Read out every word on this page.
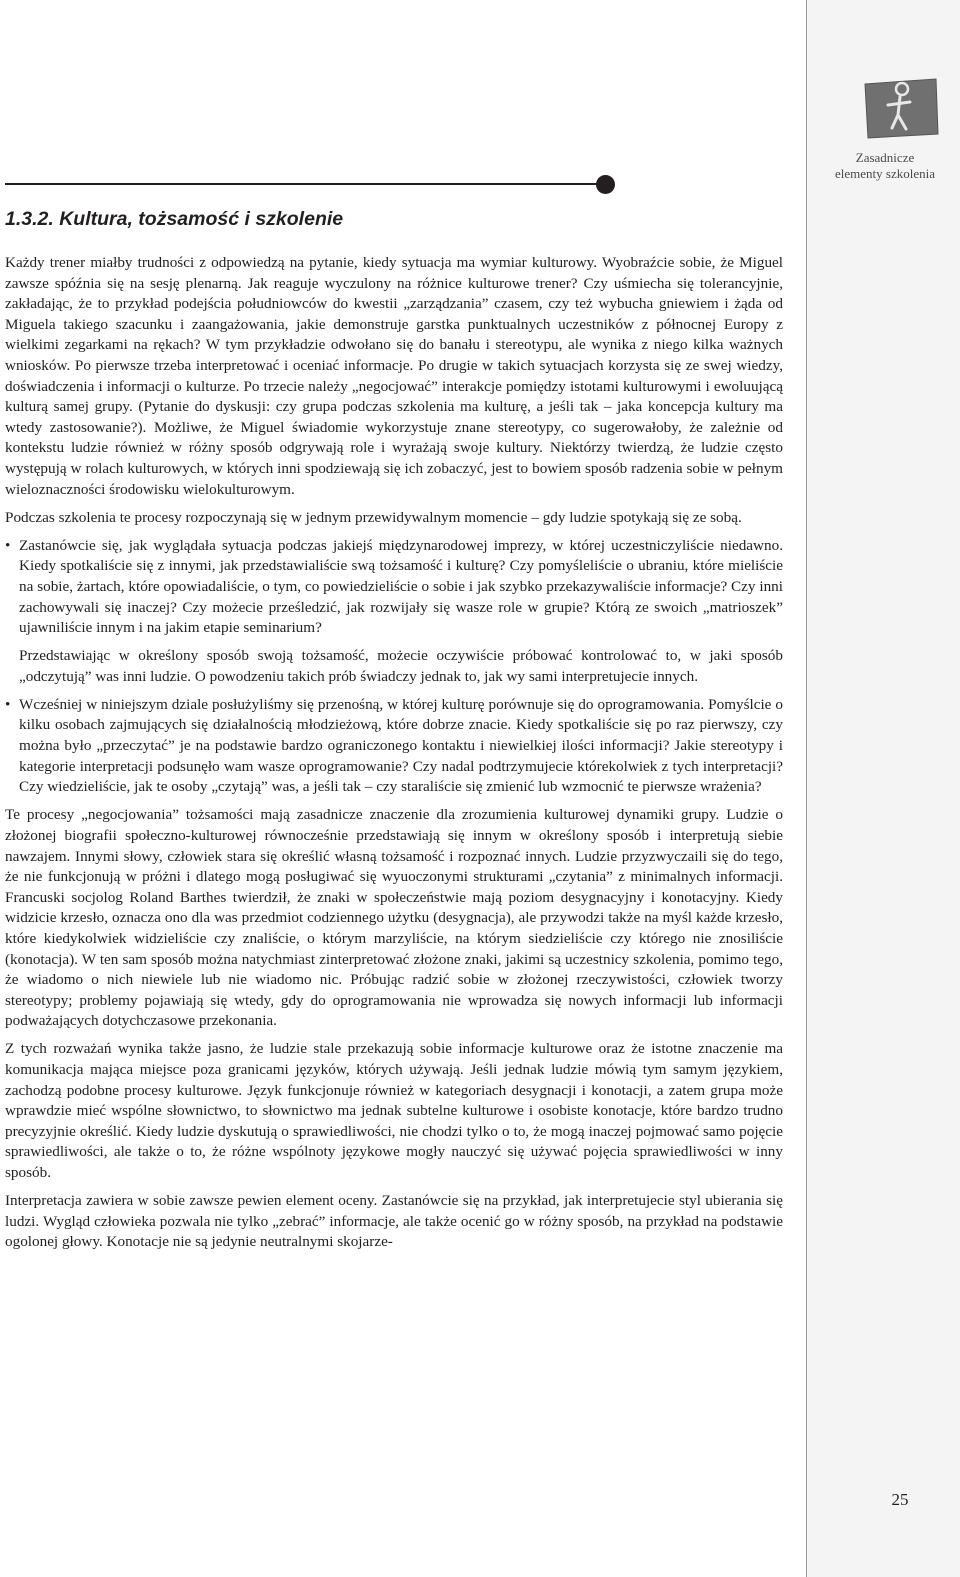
Zasadnicze
elementy szkolenia
1.3.2. Kultura, tożsamość i szkolenie

Każdy trener miałby trudności z odpowiedzą na pytanie, kiedy sytuacja ma wymiar kulturowy. Wyobraźcie sobie, że Miguel zawsze spóźnia się na sesję plenarną. Jak reaguje wyczulony na różnice kulturowe trener? Czy uśmiecha się tolerancyjnie, zakładając, że to przykład podejścia południowców do kwestii „zarządzania” czasem, czy też wybucha gniewiem i żąda od Miguela takiego szacunku i zaangażowania, jakie demonstruje garstka punktualnych uczestników z północnej Europy z wielkimi zegarkami na rękach? W tym przykładzie odwołano się do banału i stereotypu, ale wynika z niego kilka ważnych wniosków. Po pierwsze trzeba interpretować i oceniać informacje. Po drugie w takich sytuacjach korzysta się ze swej wiedzy, doświadczenia i informacji o kulturze. Po trzecie należy „negocjować” interakcje pomiędzy istotami kulturowymi i ewoluującą kulturą samej grupy. (Pytanie do dyskusji: czy grupa podczas szkolenia ma kulturę, a jeśli tak – jaka koncepcja kultury ma wtedy zastosowanie?). Możliwe, że Miguel świadomie wykorzystuje znane stereotypy, co sugerowałoby, że zależnie od kontekstu ludzie również w różny sposób odgrywają role i wyrażają swoje kultury. Niektórzy twierdzą, że ludzie często występują w rolach kulturowych, w których inni spodziewają się ich zobaczyć, jest to bowiem sposób radzenia sobie w pełnym wieloznaczności środowisku wielokulturowym.

Podczas szkolenia te procesy rozpoczynają się w jednym przewidywalnym momencie – gdy ludzie spotykają się ze sobą.

• Zastanówcie się, jak wyglądała sytuacja podczas jakiejś międzynarodowej imprezy, w której uczestniczyliście niedawno. Kiedy spotkaliście się z innymi, jak przedstawialiście swą tożsamość i kulturę? Czy pomyśleliście o ubraniu, które mieliście na sobie, żartach, które opowiadaliście, o tym, co powiedzieliście o sobie i jak szybko przekazywaliście informacje? Czy inni zachowywali się inaczej? Czy możecie prześledzić, jak rozwijały się wasze role w grupie? Którą ze swoich „matrioszek” ujawniliście innym i na jakim etapie seminarium?

Przedstawiając w określony sposób swoją tożsamość, możecie oczywiście próbować kontrolować to, w jaki sposób „odczytują” was inni ludzie. O powodzeniu takich prób świadczy jednak to, jak wy sami interpretujecie innych.

• Wcześniej w niniejszym dziale posłużyliśmy się przenośną, w której kulturę porównuje się do oprogramowania. Pomyślcie o kilku osobach zajmujących się działalnością młodzieżową, które dobrze znacie. Kiedy spotkaliście się po raz pierwszy, czy można było „przeczytać” je na podstawie bardzo ograniczonego kontaktu i niewielkiej ilości informacji? Jakie stereotypy i kategorie interpretacji podsunęło wam wasze oprogramowanie? Czy nadal podtrzymujecie którekolwiek z tych interpretacji? Czy wiedzieliście, jak te osoby „czytają” was, a jeśli tak – czy staraliście się zmienić lub wzmocnić te pierwsze wrażenia?

Te procesy „negocjowania” tożsamości mają zasadnicze znaczenie dla zrozumienia kulturowej dynamiki grupy. Ludzie o złożonej biografii społeczno-kulturowej równocześnie przedstawiają się innym w określony sposób i interpretują siebie nawzajem. Innymi słowy, człowiek stara się określić własną tożsamość i rozpoznać innych. Ludzie przyzwyczaili się do tego, że nie funkcjonują w próżni i dlatego mogą posługiwać się wyuoczonymi strukturami „czytania” z minimalnych informacji. Francuski socjolog Roland Barthes twierdził, że znaki w społeczeństwie mają poziom desygnacyjny i konotacyjny. Kiedy widzicie krzesło, oznacza ono dla was przedmiot codziennego użytku (desygnacja), ale przywodzi także na myśl każde krzesło, które kiedykolwiek widzieliście czy znaliście, o którym marzyliście, na którym siedzieliście czy którego nie znosiliście (konotacja). W ten sam sposób można natychmiast zinterpretować złożone znaki, jakimi są uczestnicy szkolenia, pomimo tego, że wiadomo o nich niewiele lub nie wiadomo nic. Próbując radzić sobie w złożonej rzeczywistości, człowiek tworzy stereotypy; problemy pojawiają się wtedy, gdy do oprogramowania nie wprowadza się nowych informacji lub informacji podważających dotychczasowe przekonania.

Z tych rozważań wynika także jasno, że ludzie stale przekazują sobie informacje kulturowe oraz że istotne znaczenie ma komunikacja mająca miejsce poza granicami języków, których używają. Jeśli jednak ludzie mówią tym samym językiem, zachodzą podobne procesy kulturowe. Język funkcjonuje również w kategoriach desygnacji i konotacji, a zatem grupa może wprawdzie mieć wspólne słownictwo, to słownictwo ma jednak subtelne kulturowe i osobiste konotacje, które bardzo trudno precyzyjnie określić. Kiedy ludzie dyskutują o sprawiedliwości, nie chodzi tylko o to, że mogą inaczej pojmować samo pojęcie sprawiedliwości, ale także o to, że różne wspólnoty językowe mogły nauczyć się używać pojęcia sprawiedliwości w inny sposób.

Interpretacja zawiera w sobie zawsze pewien element oceny. Zastanówcie się na przykład, jak interpretujecie styl ubierania się ludzi. Wygląd człowieka pozwala nie tylko „zebrać” informacje, ale także ocenić go w różny sposób, na przykład na podstawie ogolonej głowy. Konotacje nie są jedynie neutralnymi skojarze-

25
